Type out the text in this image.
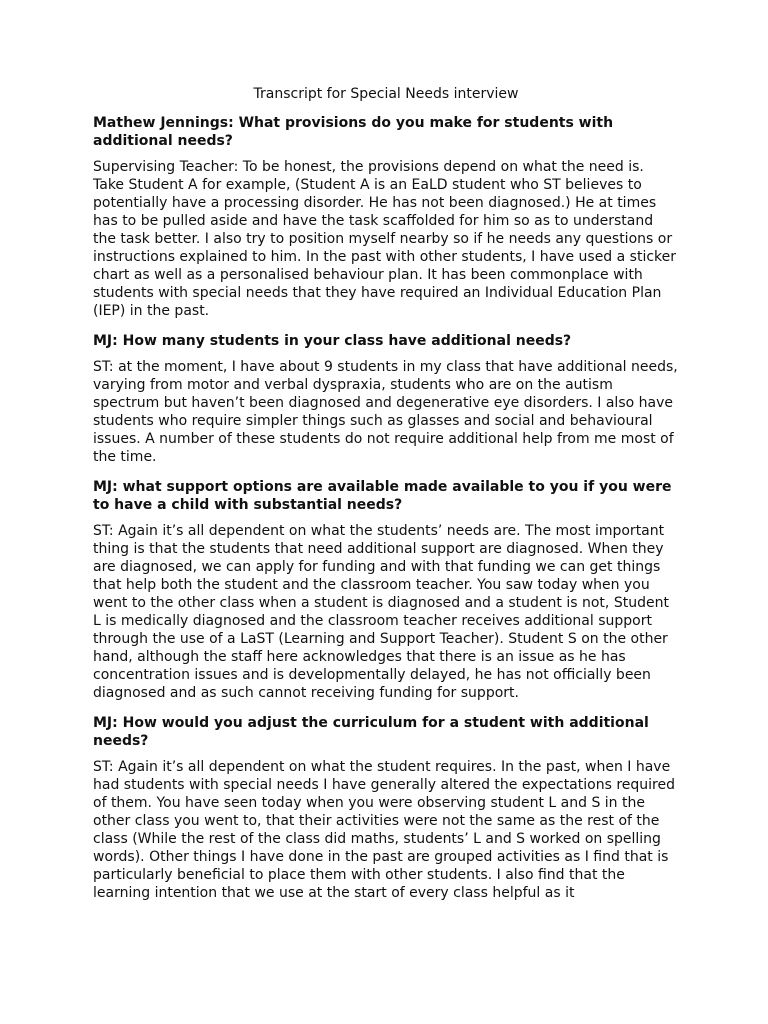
Transcript for Special Needs interview

Mathew Jennings: What provisions do you make for students with additional needs?

Supervising Teacher: To be honest, the provisions depend on what the need is. Take Student A for example, (Student A is an EaLD student who ST believes to potentially have a processing disorder. He has not been diagnosed.) He at times has to be pulled aside and have the task scaffolded for him so as to understand the task better. I also try to position myself nearby so if he needs any questions or instructions explained to him. In the past with other students, I have used a sticker chart as well as a personalised behaviour plan. It has been commonplace with students with special needs that they have required an Individual Education Plan (IEP) in the past.

MJ: How many students in your class have additional needs?

ST: at the moment, I have about 9 students in my class that have additional needs, varying from motor and verbal dyspraxia, students who are on the autism spectrum but haven’t been diagnosed and degenerative eye disorders. I also have students who require simpler things such as glasses and social and behavioural issues. A number of these students do not require additional help from me most of the time.

MJ: what support options are available made available to you if you were to have a child with substantial needs?

ST: Again it’s all dependent on what the students’ needs are. The most important thing is that the students that need additional support are diagnosed. When they are diagnosed, we can apply for funding and with that funding we can get things that help both the student and the classroom teacher. You saw today when you went to the other class when a student is diagnosed and a student is not, Student L is medically diagnosed and the classroom teacher receives additional support through the use of a LaST (Learning and Support Teacher). Student S on the other hand, although the staff here acknowledges that there is an issue as he has concentration issues and is developmentally delayed, he has not officially been diagnosed and as such cannot receiving funding for support.

MJ: How would you adjust the curriculum for a student with additional needs?

ST: Again it’s all dependent on what the student requires. In the past, when I have had students with special needs I have generally altered the expectations required of them. You have seen today when you were observing student L and S in the other class you went to, that their activities were not the same as the rest of the class (While the rest of the class did maths, students’ L and S worked on spelling words). Other things I have done in the past are grouped activities as I find that is particularly beneficial to place them with other students. I also find that the learning intention that we use at the start of every class helpful as it
